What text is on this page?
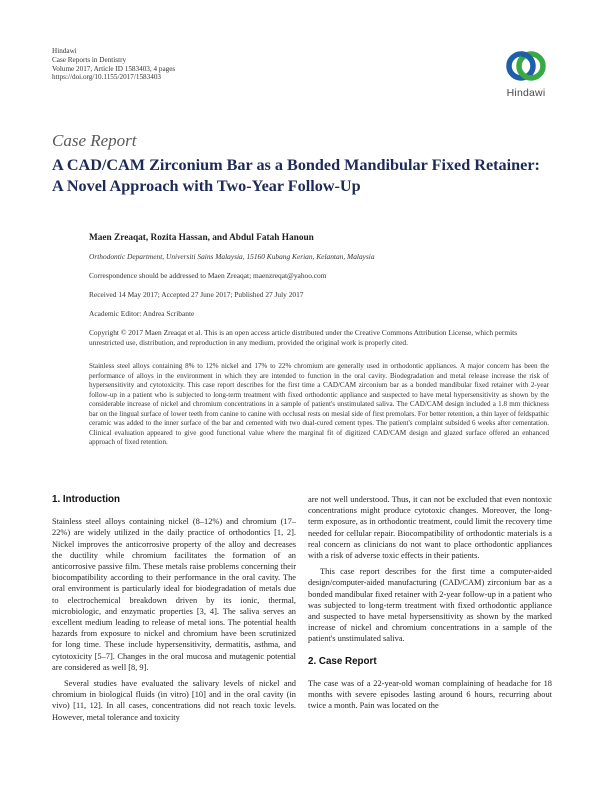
Hindawi
Case Reports in Dentistry
Volume 2017, Article ID 1583403, 4 pages
https://doi.org/10.1155/2017/1583403
Hindawi
Case Report
A CAD/CAM Zirconium Bar as a Bonded Mandibular Fixed Retainer: A Novel Approach with Two-Year Follow-Up
Maen Zreaqat, Rozita Hassan, and Abdul Fatah Hanoun
Orthodontic Department, Universiti Sains Malaysia, 15160 Kubang Kerian, Kelantan, Malaysia
Correspondence should be addressed to Maen Zreaqat; maenzreqat@yahoo.com
Received 14 May 2017; Accepted 27 June 2017; Published 27 July 2017
Academic Editor: Andrea Scribante
Copyright © 2017 Maen Zreaqat et al. This is an open access article distributed under the Creative Commons Attribution License, which permits unrestricted use, distribution, and reproduction in any medium, provided the original work is properly cited.
Stainless steel alloys containing 8% to 12% nickel and 17% to 22% chromium are generally used in orthodontic appliances. A major concern has been the performance of alloys in the environment in which they are intended to function in the oral cavity. Biodegradation and metal release increase the risk of hypersensitivity and cytotoxicity. This case report describes for the first time a CAD/CAM zirconium bar as a bonded mandibular fixed retainer with 2-year follow-up in a patient who is subjected to long-term treatment with fixed orthodontic appliance and suspected to have metal hypersensitivity as shown by the considerable increase of nickel and chromium concentrations in a sample of patient's unstimulated saliva. The CAD/CAM design included a 1.8 mm thickness bar on the lingual surface of lower teeth from canine to canine with occlusal rests on mesial side of first premolars. For better retention, a thin layer of feldspathic ceramic was added to the inner surface of the bar and cemented with two dual-cured cement types. The patient's complaint subsided 6 weeks after cementation. Clinical evaluation appeared to give good functional value where the marginal fit of digitized CAD/CAM design and glazed surface offered an enhanced approach of fixed retention.
1. Introduction

Stainless steel alloys containing nickel (8–12%) and chromium (17–22%) are widely utilized in the daily practice of orthodontics [1, 2]. Nickel improves the anticorrosive property of the alloy and decreases the ductility while chromium facilitates the formation of an anticorrosive passive film. These metals raise problems concerning their biocompatibility according to their performance in the oral cavity. The oral environment is particularly ideal for biodegradation of metals due to electrochemical breakdown driven by its ionic, thermal, microbiologic, and enzymatic properties [3, 4]. The saliva serves an excellent medium leading to release of metal ions. The potential health hazards from exposure to nickel and chromium have been scrutinized for long time. These include hypersensitivity, dermatitis, asthma, and cytotoxicity [5–7]. Changes in the oral mucosa and mutagenic potential are considered as well [8, 9].

Several studies have evaluated the salivary levels of nickel and chromium in biological fluids (in vitro) [10] and in the oral cavity (in vivo) [11, 12]. In all cases, concentrations did not reach toxic levels. However, metal tolerance and toxicity

are not well understood. Thus, it can not be excluded that even nontoxic concentrations might produce cytotoxic changes. Moreover, the long-term exposure, as in orthodontic treatment, could limit the recovery time needed for cellular repair. Biocompatibility of orthodontic materials is a real concern as clinicians do not want to place orthodontic appliances with a risk of adverse toxic effects in their patients.

This case report describes for the first time a computer-aided design/computer-aided manufacturing (CAD/CAM) zirconium bar as a bonded mandibular fixed retainer with 2-year follow-up in a patient who was subjected to long-term treatment with fixed orthodontic appliance and suspected to have metal hypersensitivity as shown by the marked increase of nickel and chromium concentrations in a sample of the patient's unstimulated saliva.

2. Case Report

The case was of a 22-year-old woman complaining of headache for 18 months with severe episodes lasting around 6 hours, recurring about twice a month. Pain was located on the
